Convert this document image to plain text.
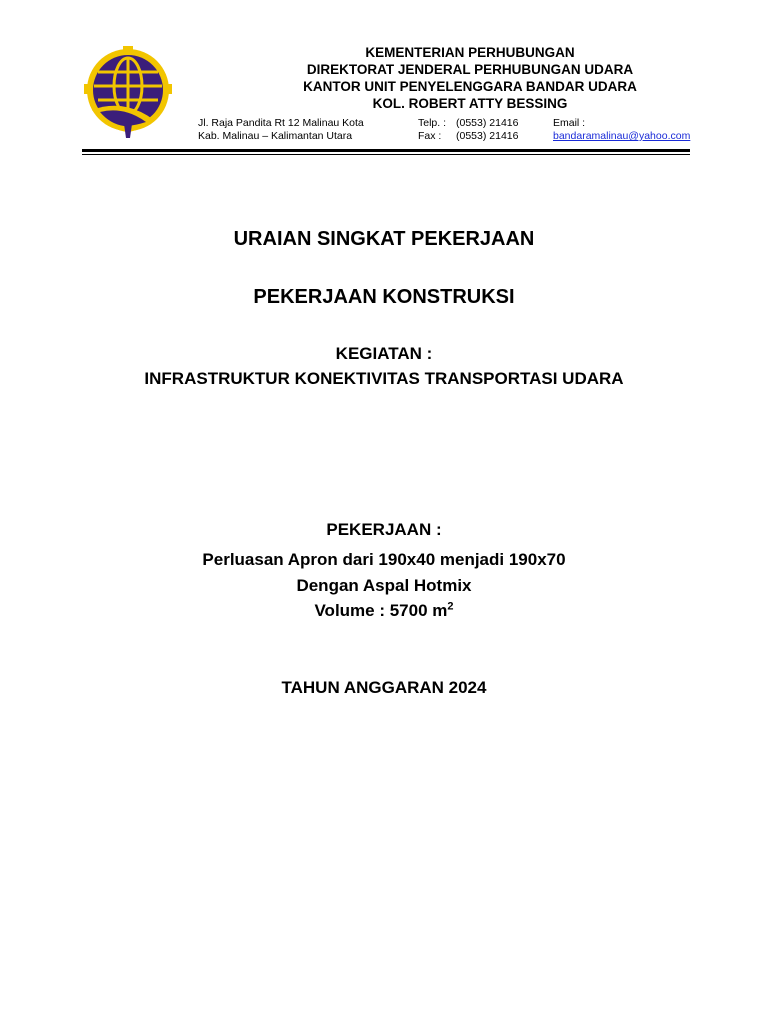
KEMENTERIAN PERHUBUNGAN
DIREKTORAT JENDERAL PERHUBUNGAN UDARA
KANTOR UNIT PENYELENGGARA BANDAR UDARA
KOL. ROBERT ATTY BESSING
Jl. Raja Pandita Rt 12 Malinau Kota
Kab. Malinau – Kalimantan Utara
Telp. : (0553) 21416
Fax : (0553) 21416
Email :
bandaramalinau@yahoo.com
URAIAN SINGKAT PEKERJAAN
PEKERJAAN KONSTRUKSI
KEGIATAN :
INFRASTRUKTUR KONEKTIVITAS TRANSPORTASI UDARA
PEKERJAAN :
Perluasan Apron dari 190x40 menjadi 190x70
Dengan Aspal Hotmix
Volume : 5700 $m^2$
TAHUN ANGGARAN 2024
